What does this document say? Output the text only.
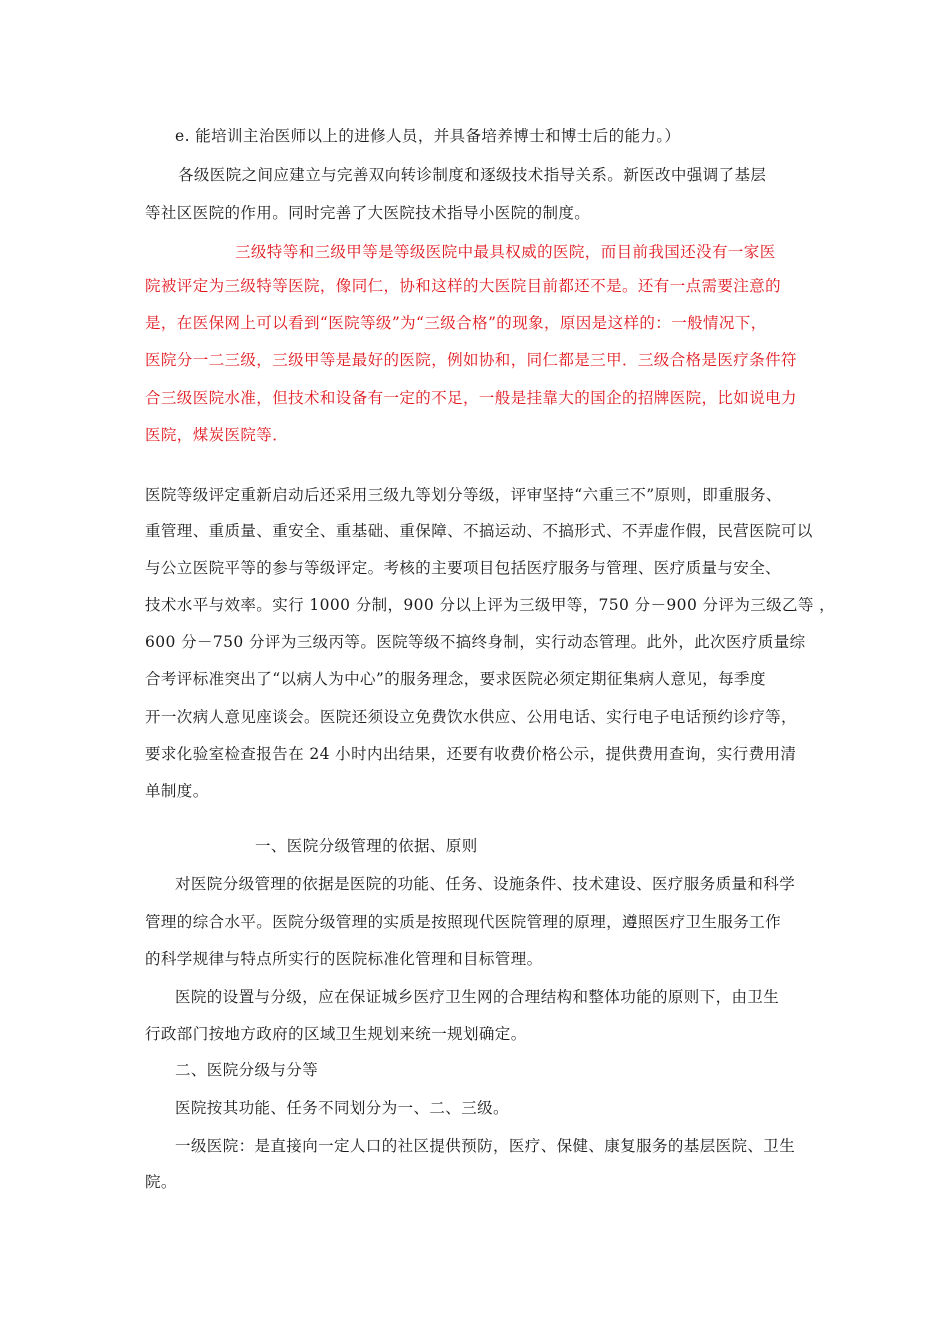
e. 能培训主治医师以上的进修人员，并具备培养博士和博士后的能力。）
各级医院之间应建立与完善双向转诊制度和逐级技术指导关系。新医改中强调了基层
等社区医院的作用。同时完善了大医院技术指导小医院的制度。
三级特等和三级甲等是等级医院中最具权威的医院，而目前我国还没有一家医
院被评定为三级特等医院，像同仁，协和这样的大医院目前都还不是。还有一点需要注意的
是，在医保网上可以看到“医院等级”为“三级合格”的现象，原因是这样的：一般情况下，
医院分一二三级，三级甲等是最好的医院，例如协和，同仁都是三甲．三级合格是医疗条件符
合三级医院水准，但技术和设备有一定的不足，一般是挂靠大的国企的招牌医院，比如说电力
医院，煤炭医院等．
医院等级评定重新启动后还采用三级九等划分等级，评审坚持“六重三不”原则，即重服务、
重管理、重质量、重安全、重基础、重保障、不搞运动、不搞形式、不弄虚作假，民营医院可以
与公立医院平等的参与等级评定。考核的主要项目包括医疗服务与管理、医疗质量与安全、
技术水平与效率。实行 1000 分制，900 分以上评为三级甲等，750 分－900 分评为三级乙等 ，
600 分－750 分评为三级丙等。医院等级不搞终身制，实行动态管理。此外，此次医疗质量综
合考评标准突出了“以病人为中心”的服务理念，要求医院必须定期征集病人意见，每季度
开一次病人意见座谈会。医院还须设立免费饮水供应、公用电话、实行电子电话预约诊疗等，
要求化验室检查报告在 24 小时内出结果，还要有收费价格公示，提供费用查询，实行费用清
单制度。
一、医院分级管理的依据、原则
对医院分级管理的依据是医院的功能、任务、设施条件、技术建设、医疗服务质量和科学
管理的综合水平。医院分级管理的实质是按照现代医院管理的原理，遵照医疗卫生服务工作
的科学规律与特点所实行的医院标准化管理和目标管理。
医院的设置与分级，应在保证城乡医疗卫生网的合理结构和整体功能的原则下，由卫生
行政部门按地方政府的区域卫生规划来统一规划确定。
二、医院分级与分等
医院按其功能、任务不同划分为一、二、三级。
一级医院：是直接向一定人口的社区提供预防，医疗、保健、康复服务的基层医院、卫生
院。
